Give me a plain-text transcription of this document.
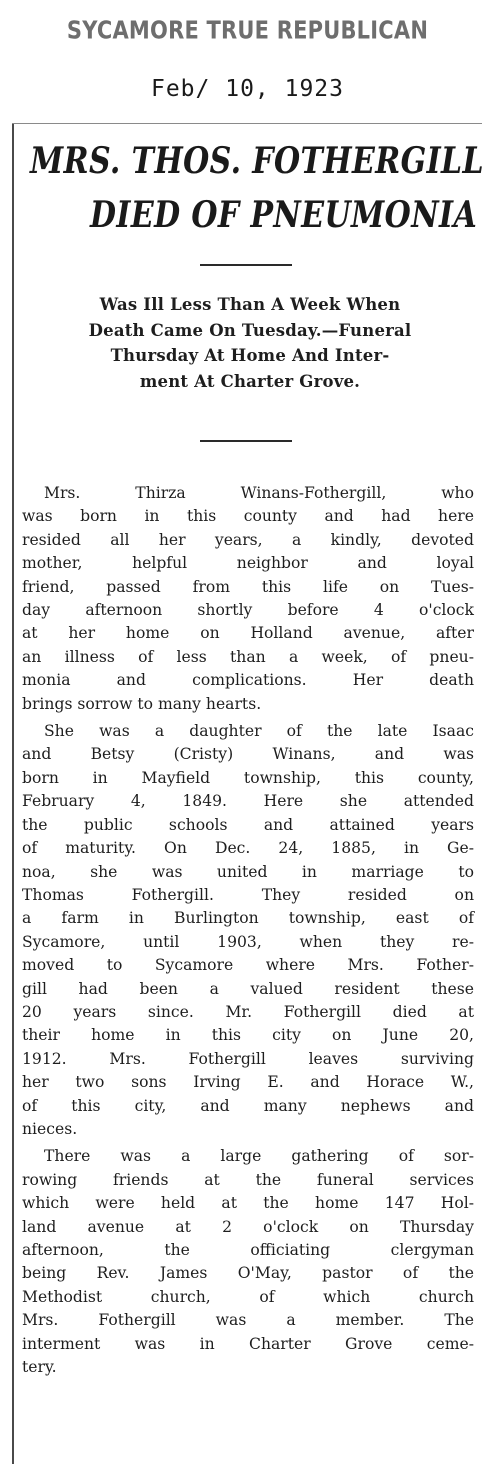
SYCAMORE TRUE REPUBLICAN
Feb/ 10, 1923
MRS. THOS. FOTHERGILL
DIED OF PNEUMONIA
Was Ill Less Than A Week When
Death Came On Tuesday.—Funeral
Thursday At Home And Inter-
ment At Charter Grove.
Mrs. Thirza Winans-Fothergill, who
was born in this county and had here
resided all her years, a kindly, devoted
mother, helpful neighbor and loyal
friend, passed from this life on Tues-
day afternoon shortly before 4 o'clock
at her home on Holland avenue, after
an illness of less than a week, of pneu-
monia and complications. Her death
brings sorrow to many hearts.
She was a daughter of the late Isaac
and Betsy (Cristy) Winans, and was
born in Mayfield township, this county,
February 4, 1849. Here she attended
the public schools and attained years
of maturity. On Dec. 24, 1885, in Ge-
noa, she was united in marriage to
Thomas Fothergill. They resided on
a farm in Burlington township, east of
Sycamore, until 1903, when they re-
moved to Sycamore where Mrs. Fother-
gill had been a valued resident these
20 years since. Mr. Fothergill died at
their home in this city on June 20,
1912. Mrs. Fothergill leaves surviving
her two sons Irving E. and Horace W.,
of this city, and many nephews and
nieces.
There was a large gathering of sor-
rowing friends at the funeral services
which were held at the home 147 Hol-
land avenue at 2 o'clock on Thursday
afternoon, the officiating clergyman
being Rev. James O'May, pastor of the
Methodist church, of which church
Mrs. Fothergill was a member. The
interment was in Charter Grove ceme-
tery.
